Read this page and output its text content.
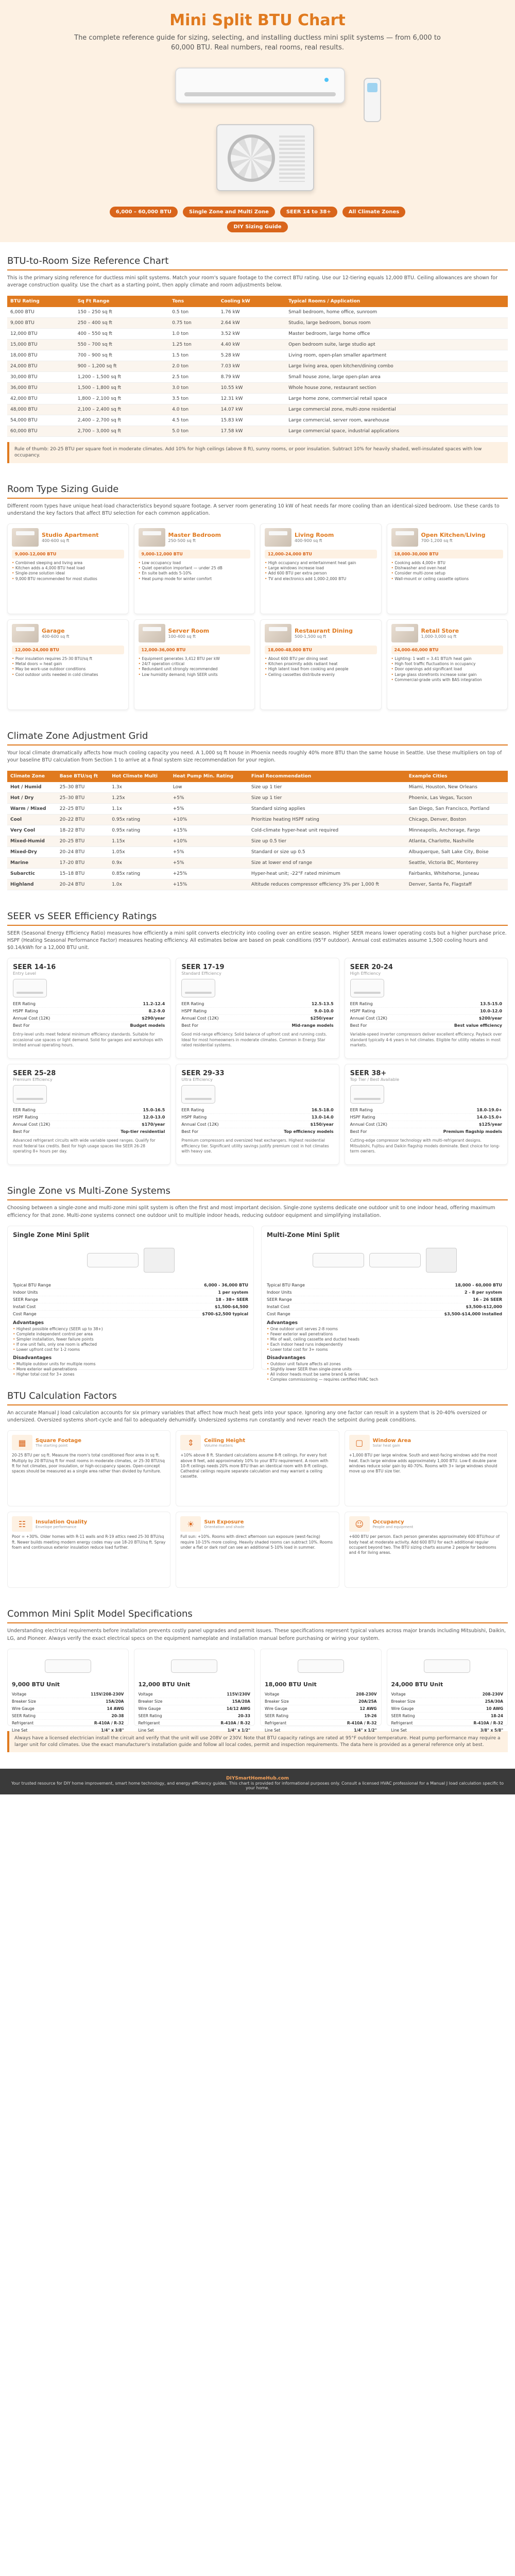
Mini Split BTU Chart

The complete reference guide for sizing, selecting, and installing ductless mini split systems — from 6,000 to 60,000 BTU. Real numbers, real rooms, real results.

6,000 – 60,000 BTU	Single Zone and Multi Zone	SEER 14 to 38+	All Climate Zones
DIY Sizing Guide
BTU-to-Room Size Reference Chart

This is the primary sizing reference for ductless mini split systems. Match your room's square footage to the correct BTU rating. Use our 12-tiering equals 12,000 BTU. Ceiling allowances are shown for average construction quality. Use the chart as a starting point, then apply climate and room adjustments below.

BTU Rating	Sq Ft Range	Tons	Cooling kW	Typical Rooms / Application
6,000 BTU	150 – 250 sq ft	0.5 ton	1.76 kW	Small bedroom, home office, sunroom
9,000 BTU	250 – 400 sq ft	0.75 ton	2.64 kW	Studio, large bedroom, bonus room
12,000 BTU	400 – 550 sq ft	1.0 ton	3.52 kW	Master bedroom, large home office
15,000 BTU	550 – 700 sq ft	1.25 ton	4.40 kW	Open bedroom suite, large studio apt
18,000 BTU	700 – 900 sq ft	1.5 ton	5.28 kW	Living room, open-plan smaller apartment
24,000 BTU	900 – 1,200 sq ft	2.0 ton	7.03 kW	Large living area, open kitchen/dining combo
30,000 BTU	1,200 – 1,500 sq ft	2.5 ton	8.79 kW	Small house zone, large open-plan area
36,000 BTU	1,500 – 1,800 sq ft	3.0 ton	10.55 kW	Whole house zone, restaurant section
42,000 BTU	1,800 – 2,100 sq ft	3.5 ton	12.31 kW	Large home zone, commercial retail space
48,000 BTU	2,100 – 2,400 sq ft	4.0 ton	14.07 kW	Large commercial zone, multi-zone residential
54,000 BTU	2,400 – 2,700 sq ft	4.5 ton	15.83 kW	Large commercial, server room, warehouse
60,000 BTU	2,700 – 3,000 sq ft	5.0 ton	17.58 kW	Large commercial space, industrial applications
Rule of thumb: 20-25 BTU per square foot in moderate climates. Add 10% for high ceilings (above 8 ft), sunny rooms, or poor insulation. Subtract 10% for heavily shaded, well-insulated spaces with low occupancy.
Room Type Sizing Guide

Different room types have unique heat-load characteristics beyond square footage. A server room generating 10 kW of heat needs far more cooling than an identical-sized bedroom. Use these cards to understand the key factors that affect BTU selection for each common application.

Studio Apartment
400-600 sq ft
9,000-12,000 BTU
• Combined sleeping and living area
• Kitchen adds a 4,000 BTU heat load
• Single-zone solution ideal
• 9,000 BTU recommended for most studios
Master Bedroom
250-500 sq ft
9,000-12,000 BTU
• Low occupancy load
• Quiet operation important — under 25 dB
• En suite bath adds 5-10%
• Heat pump mode for winter comfort
Living Room
400-900 sq ft
12,000-24,000 BTU
• High occupancy and entertainment heat gain
• Large windows increase load
• Add 600 BTU per extra person
• TV and electronics add 1,000-2,000 BTU
Open Kitchen/Living
700-1,200 sq ft
18,000-30,000 BTU
• Cooking adds 4,000+ BTU
• Dishwasher and oven heat
• Consider multi-zone setup
• Wall-mount or ceiling cassette options
Garage
400-600 sq ft
12,000-24,000 BTU
• Poor insulation requires 25-30 BTU/sq ft
• Metal doors = heat gain
• May be work-use outdoor conditions
• Cool outdoor units needed in cold climates
Server Room
100-400 sq ft
12,000-36,000 BTU
• Equipment generates 3,412 BTU per kW
• 24/7 operation critical
• Redundant unit strongly recommended
• Low humidity demand; high SEER units
Restaurant Dining
500-1,500 sq ft
18,000-48,000 BTU
• About 600 BTU per dining seat
• Kitchen proximity adds radiant heat
• High latent load from cooking and people
• Ceiling cassettes distribute evenly
Retail Store
1,000-3,000 sq ft
24,000-60,000 BTU
• Lighting: 1 watt = 3.41 BTU/h heat gain
• High foot traffic fluctuations in occupancy
• Door openings add significant load
• Large glass storefronts increase solar gain
• Commercial-grade units with BAS integration
Climate Zone Adjustment Grid

Your local climate dramatically affects how much cooling capacity you need. A 1,000 sq ft house in Phoenix needs roughly 40% more BTU than the same house in Seattle. Use these multipliers on top of your baseline BTU calculation from Section 1 to arrive at a final system size recommendation for your region.

Climate Zone	Base BTU/sq ft	Hot Climate Multi	Heat Pump Min. Rating	Final Recommendation	Example Cities
Hot / Humid	25–30 BTU	1.3x	Low	Size up 1 tier	Miami, Houston, New Orleans
Hot / Dry	25–30 BTU	1.25x	+5%	Size up 1 tier	Phoenix, Las Vegas, Tucson
Warm / Mixed	22–25 BTU	1.1x	+5%	Standard sizing applies	San Diego, San Francisco, Portland
Cool	20–22 BTU	0.95x rating	+10%	Prioritize heating HSPF rating	Chicago, Denver, Boston
Very Cool	18–22 BTU	0.95x rating	+15%	Cold-climate hyper-heat unit required	Minneapolis, Anchorage, Fargo
Mixed-Humid	20–25 BTU	1.15x	+10%	Size up 0.5 tier	Atlanta, Charlotte, Nashville
Mixed-Dry	20–24 BTU	1.05x	+5%	Standard or size up 0.5	Albuquerque, Salt Lake City, Boise
Marine	17–20 BTU	0.9x	+5%	Size at lower end of range	Seattle, Victoria BC, Monterey
Subarctic	15–18 BTU	0.85x rating	+25%	Hyper-heat unit; -22°F rated minimum	Fairbanks, Whitehorse, Juneau
Highland	20–24 BTU	1.0x	+15%	Altitude reduces compressor efficiency 3% per 1,000 ft	Denver, Santa Fe, Flagstaff
SEER vs SEER Efficiency Ratings

SEER (Seasonal Energy Efficiency Ratio) measures how efficiently a mini split converts electricity into cooling over an entire season. Higher SEER means lower operating costs but a higher purchase price. HSPF (Heating Seasonal Performance Factor) measures heating efficiency. All estimates below are based on peak conditions (95°F outdoor). Annual cost estimates assume 1,500 cooling hours and $0.14/kWh for a 12,000 BTU unit.

SEER 14-16
Entry Level
EER Rating	11.2-12.4
HSPF Rating	8.2-9.0
Annual Cost (12K)	$290/year
Best For	Budget models
Entry-level units meet federal minimum efficiency standards. Suitable for occasional use spaces or light demand. Solid for garages and workshops with limited annual operating hours.
SEER 17-19
Standard Efficiency
EER Rating	12.5-13.5
HSPF Rating	9.0-10.0
Annual Cost (12K)	$250/year
Best For	Mid-range models
Good mid-range efficiency. Solid balance of upfront cost and running costs. Ideal for most homeowners in moderate climates. Common in Energy Star rated residential systems.
SEER 20-24
High Efficiency
EER Rating	13.5-15.0
HSPF Rating	10.0-12.0
Annual Cost (12K)	$200/year
Best For	Best value efficiency
Variable-speed inverter compressors deliver excellent efficiency. Payback over standard typically 4-6 years in hot climates. Eligible for utility rebates in most markets.
SEER 25-28
Premium Efficiency
EER Rating	15.0-16.5
HSPF Rating	12.0-13.0
Annual Cost (12K)	$170/year
Best For	Top-tier residential
Advanced refrigerant circuits with wide variable speed ranges. Qualify for most federal tax credits. Best for high usage spaces like SEER 26-28 operating 8+ hours per day.
SEER 29-33
Ultra Efficiency
EER Rating	16.5-18.0
HSPF Rating	13.0-14.0
Annual Cost (12K)	$150/year
Best For	Top efficiency models
Premium compressors and oversized heat exchangers. Highest residential efficiency tier. Significant utility savings justify premium cost in hot climates with heavy use.
SEER 38+
Top Tier / Best Available
EER Rating	18.0-19.0+
HSPF Rating	14.0-15.0+
Annual Cost (12K)	$125/year
Best For	Premium flagship models
Cutting-edge compressor technology with multi-refrigerant designs. Mitsubishi, Fujitsu and Daikin flagship models dominate. Best choice for long-term owners.
Single Zone vs Multi-Zone Systems

Choosing between a single-zone and multi-zone mini split system is often the first and most important decision. Single-zone systems dedicate one outdoor unit to one indoor head, offering maximum efficiency for that zone. Multi-zone systems connect one outdoor unit to multiple indoor heads, reducing outdoor equipment and simplifying installation.

Single Zone Mini Split
Typical BTU Range	6,000 - 36,000 BTU
Indoor Units	1 per system
SEER Range	18 - 38+ SEER
Install Cost	$1,500-$4,500
Cost Range	$700-$2,500 typical
Advantages
• Highest possible efficiency (SEER up to 38+)
• Complete independent control per area
• Simpler installation, fewer failure points
• If one unit fails, only one room is affected
• Lower upfront cost for 1-2 rooms
Disadvantages
• Multiple outdoor units for multiple rooms
• More exterior wall penetrations
• Higher total cost for 3+ zones
Multi-Zone Mini Split
Typical BTU Range	18,000 - 60,000 BTU
Indoor Units	2 - 8 per system
SEER Range	16 - 26 SEER
Install Cost	$3,500-$12,000
Cost Range	$3,500-$14,000 installed
Advantages
• One outdoor unit serves 2-8 rooms
• Fewer exterior wall penetrations
• Mix of wall, ceiling cassette and ducted heads
• Each indoor head runs independently
• Lower total cost for 3+ rooms
Disadvantages
• Outdoor unit failure affects all zones
• Slightly lower SEER than single-zone units
• All indoor heads must be same brand & series
• Complex commissioning — requires certified HVAC tech
BTU Calculation Factors

An accurate Manual J load calculation accounts for six primary variables that affect how much heat gets into your space. Ignoring any one factor can result in a system that is 20-40% oversized or undersized. Oversized systems short-cycle and fail to adequately dehumidify. Undersized systems run constantly and never reach the setpoint during peak conditions.

▦	Square Footage
The starting point
20-25 BTU per sq ft. Measure the room's total conditioned floor area in sq ft. Multiply by 20 BTU/sq ft for most rooms in moderate climates, or 25-30 BTU/sq ft for hot climates, poor insulation, or high-occupancy spaces. Open-concept spaces should be measured as a single area rather than divided by furniture.
⇕	Ceiling Height
Volume matters
+10% above 8 ft. Standard calculations assume 8-ft ceilings. For every foot above 8 feet, add approximately 10% to your BTU requirement. A room with 10-ft ceilings needs 20% more BTU than an identical room with 8-ft ceilings. Cathedral ceilings require separate calculation and may warrant a ceiling cassette.
▢	Window Area
Solar heat gain
+1,000 BTU per large window. South and west-facing windows add the most heat. Each large window adds approximately 1,000 BTU. Low-E double pane windows reduce solar gain by 40-70%. Rooms with 3+ large windows should move up one BTU size tier.
☷	Insulation Quality
Envelope performance
Poor = +30%. Older homes with R-11 walls and R-19 attics need 25-30 BTU/sq ft. Newer builds meeting modern energy codes may use 18-20 BTU/sq ft. Spray foam and continuous exterior insulation reduce load further.
☀	Sun Exposure
Orientation and shade
Full sun: +10%. Rooms with direct afternoon sun exposure (west-facing) require 10-15% more cooling. Heavily shaded rooms can subtract 10%. Rooms under a flat or dark roof can see an additional 5-10% load in summer.
☺	Occupancy
People and equipment
+600 BTU per person. Each person generates approximately 600 BTU/hour of body heat at moderate activity. Add 600 BTU for each additional regular occupant beyond two. The BTU sizing charts assume 2 people for bedrooms and 4 for living areas.
Common Mini Split Model Specifications

Understanding electrical requirements before installation prevents costly panel upgrades and permit issues. These specifications represent typical values across major brands including Mitsubishi, Daikin, LG, and Pioneer. Always verify the exact electrical specs on the equipment nameplate and installation manual before purchasing or wiring your system.

9,000 BTU Unit
Voltage	115V/208-230V
Breaker Size	15A/20A
Wire Gauge	14 AWG
SEER Rating	20-38
Refrigerant	R-410A / R-32
Line Set	1/4" x 3/8"
12,000 BTU Unit
Voltage	115V/230V
Breaker Size	15A/20A
Wire Gauge	14/12 AWG
SEER Rating	20-33
Refrigerant	R-410A / R-32
Line Set	1/4" x 1/2"
18,000 BTU Unit
Voltage	208-230V
Breaker Size	20A/25A
Wire Gauge	12 AWG
SEER Rating	19-26
Refrigerant	R-410A / R-32
Line Set	1/4" x 1/2"
24,000 BTU Unit
Voltage	208-230V
Breaker Size	25A/30A
Wire Gauge	10 AWG
SEER Rating	18-24
Refrigerant	R-410A / R-32
Line Set	3/8" x 5/8"
Always have a licensed electrician install the circuit and verify that the unit will use 208V or 230V. Note that BTU capacity ratings are rated at 95°F outdoor temperature. Heat pump performance may require a larger unit for cold climates. Use the exact manufacturer's installation guide and follow all local codes, permit and inspection requirements. The data here is provided as a general reference only at best.
DIYSmartHomeHub.com
Your trusted resource for DIY home improvement, smart home technology, and energy efficiency guides. This chart is provided for informational purposes only. Consult a licensed HVAC professional for a Manual J load calculation specific to your home.
